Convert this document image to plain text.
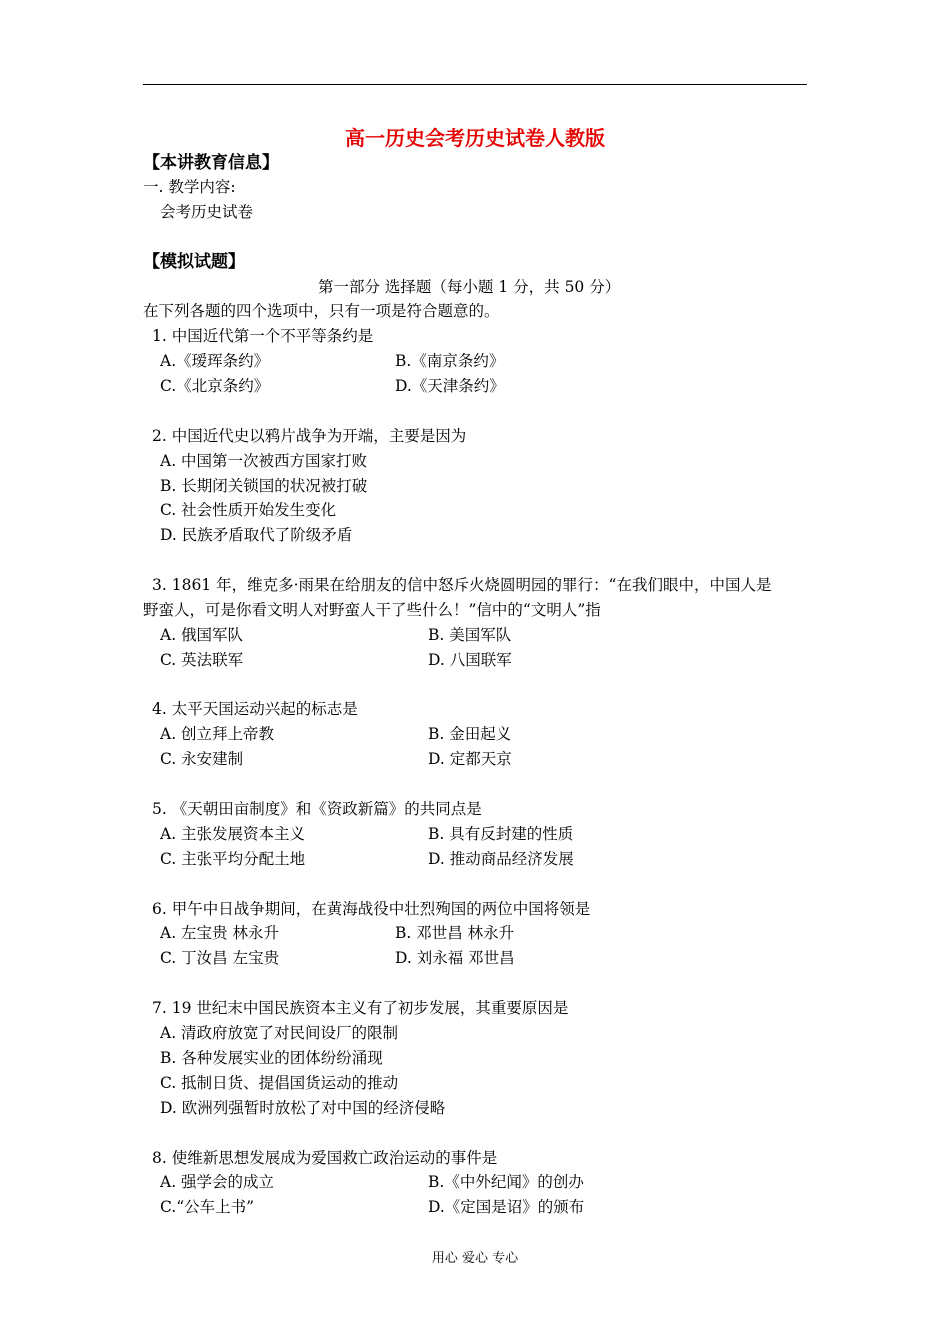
高一历史会考历史试卷人教版
【本讲教育信息】
一. 教学内容:
会考历史试卷
【模拟试题】
第一部分 选择题（每小题 1 分，共 50 分）
在下列各题的四个选项中，只有一项是符合题意的。
1. 中国近代第一个不平等条约是
A.《瑷珲条约》	B.《南京条约》
C.《北京条约》	D.《天津条约》
2. 中国近代史以鸦片战争为开端，主要是因为
A. 中国第一次被西方国家打败
B. 长期闭关锁国的状况被打破
C. 社会性质开始发生变化
D. 民族矛盾取代了阶级矛盾
3. 1861 年，维克多·雨果在给朋友的信中怒斥火烧圆明园的罪行：“在我们眼中，中国人是
野蛮人，可是你看文明人对野蛮人干了些什么！”信中的“文明人”指
A. 俄国军队	B. 美国军队
C. 英法联军	D. 八国联军
4. 太平天国运动兴起的标志是
A. 创立拜上帝教	B. 金田起义
C. 永安建制	D. 定都天京
5. 《天朝田亩制度》和《资政新篇》的共同点是
A. 主张发展资本主义	B. 具有反封建的性质
C. 主张平均分配土地	D. 推动商品经济发展
6. 甲午中日战争期间，在黄海战役中壮烈殉国的两位中国将领是
A. 左宝贵 林永升	B. 邓世昌 林永升
C. 丁汝昌 左宝贵	D. 刘永福 邓世昌
7. 19 世纪末中国民族资本主义有了初步发展，其重要原因是
A. 清政府放宽了对民间设厂的限制
B. 各种发展实业的团体纷纷涌现
C. 抵制日货、提倡国货运动的推动
D. 欧洲列强暂时放松了对中国的经济侵略
8. 使维新思想发展成为爱国救亡政治运动的事件是
A. 强学会的成立	B.《中外纪闻》的创办
C.“公车上书”	D.《定国是诏》的颁布
用心 爱心 专心
